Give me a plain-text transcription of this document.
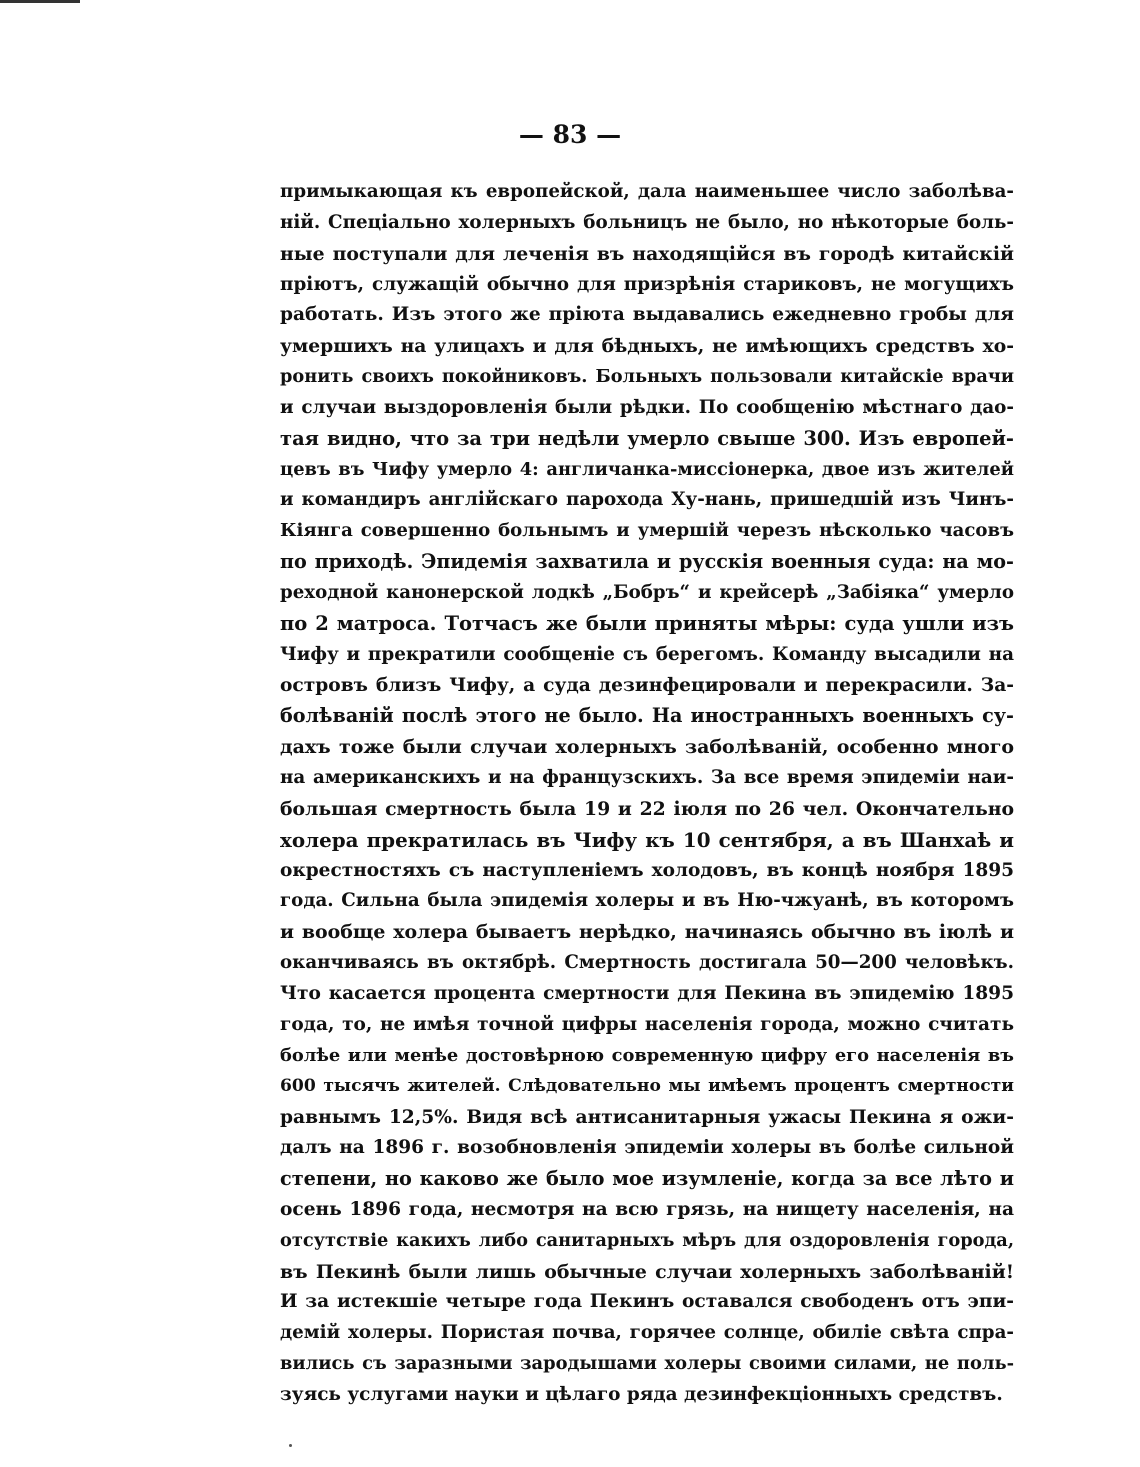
— 83 —
примыкающая къ европейской, дала наименьшее число заболѣва-
ній. Спеціально холерныхъ больницъ не было, но нѣкоторые боль-
ные поступали для леченія въ находящійся въ городѣ китайскій
пріютъ, служащій обычно для призрѣнія стариковъ, не могущихъ
работать. Изъ этого же пріюта выдавались ежедневно гробы для
умершихъ на улицахъ и для бѣдныхъ, не имѣющихъ средствъ хо-
ронить своихъ покойниковъ. Больныхъ пользовали китайскіе врачи
и случаи выздоровленія были рѣдки. По сообщенію мѣстнаго дао-
тая видно, что за три недѣли умерло свыше 300. Изъ европей-
цевъ въ Чифу умерло 4: англичанка-миссіонерка, двое изъ жителей
и командиръ англійскаго парохода Ху-нань, пришедшій изъ Чинъ-
Кіянга совершенно больнымъ и умершій черезъ нѣсколько часовъ
по приходѣ. Эпидемія захватила и русскія военныя суда: на мо-
реходной канонерской лодкѣ „Бобръ“ и крейсерѣ „Забіяка“ умерло
по 2 матроса. Тотчасъ же были приняты мѣры: суда ушли изъ
Чифу и прекратили сообщеніе съ берегомъ. Команду высадили на
островъ близъ Чифу, а суда дезинфецировали и перекрасили. За-
болѣваній послѣ этого не было. На иностранныхъ военныхъ су-
дахъ тоже были случаи холерныхъ заболѣваній, особенно много
на американскихъ и на французскихъ. За все время эпидеміи наи-
большая смертность была 19 и 22 іюля по 26 чел. Окончательно
холера прекратилась въ Чифу къ 10 сентября, а въ Шанхаѣ и
окрестностяхъ съ наступленіемъ холодовъ, въ концѣ ноября 1895
года. Сильна была эпидемія холеры и въ Ню-чжуанѣ, въ которомъ
и вообще холера бываетъ нерѣдко, начинаясь обычно въ іюлѣ и
оканчиваясь въ октябрѣ. Смертность достигала 50—200 человѣкъ.
Что касается процента смертности для Пекина въ эпидемію 1895
года, то, не имѣя точной цифры населенія города, можно считать
болѣе или менѣе достовѣрною современную цифру его населенія въ
600 тысячъ жителей. Слѣдовательно мы имѣемъ процентъ смертности
равнымъ 12,5%. Видя всѣ антисанитарныя ужасы Пекина я ожи-
далъ на 1896 г. возобновленія эпидеміи холеры въ болѣе сильной
степени, но каково же было мое изумленіе, когда за все лѣто и
осень 1896 года, несмотря на всю грязь, на нищету населенія, на
отсутствіе какихъ либо санитарныхъ мѣръ для оздоровленія города,
въ Пекинѣ были лишь обычные случаи холерныхъ заболѣваній!
И за истекшіе четыре года Пекинъ оставался свободенъ отъ эпи-
демій холеры. Пористая почва, горячее солнце, обиліе свѣта спра-
вились съ заразными зародышами холеры своими силами, не поль-
зуясь услугами науки и цѣлаго ряда дезинфекціонныхъ средствъ.
